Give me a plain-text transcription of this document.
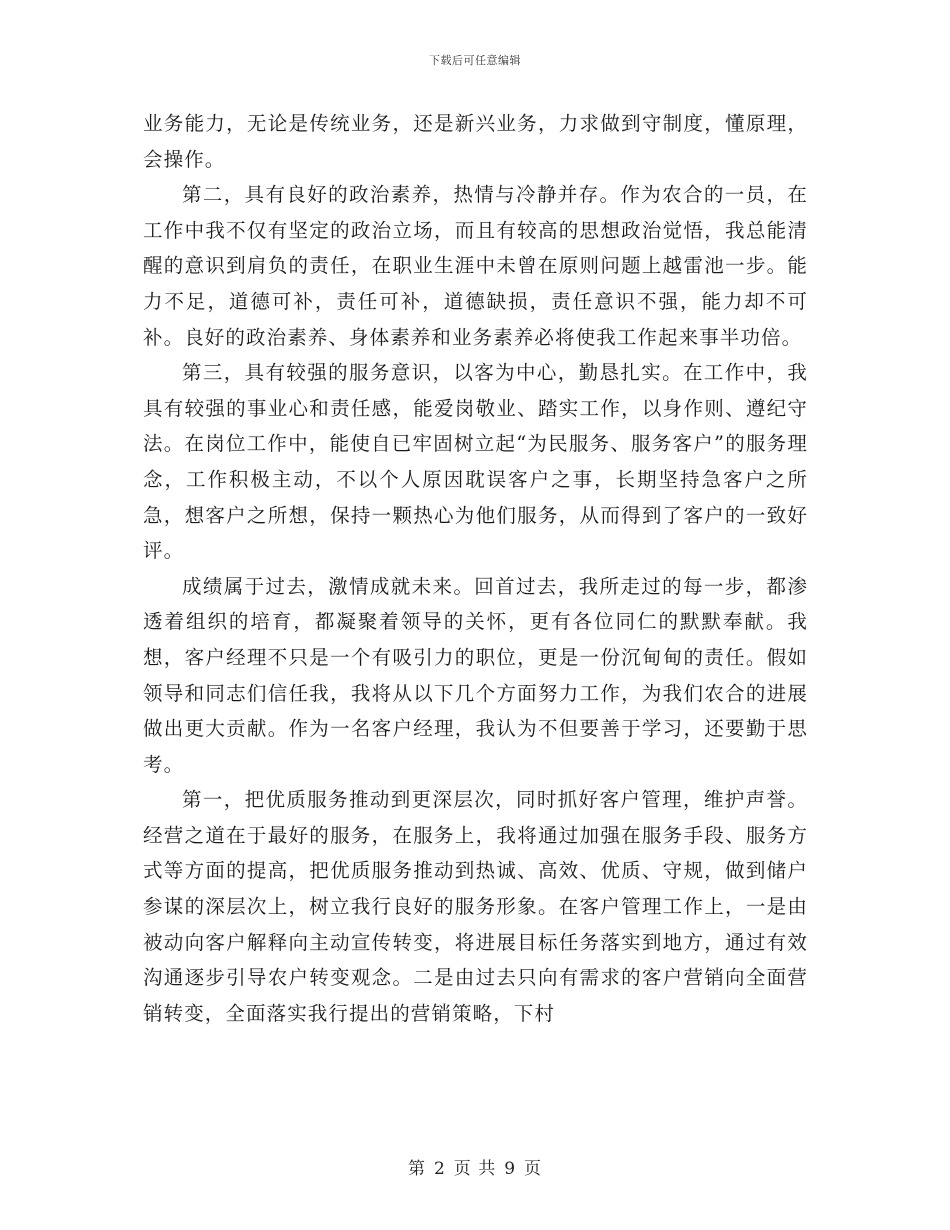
下载后可任意编辑

业务能力，无论是传统业务，还是新兴业务，力求做到守制度，懂原理，会操作。

第二，具有良好的政治素养，热情与冷静并存。作为农合的一员，在工作中我不仅有坚定的政治立场，而且有较高的思想政治觉悟，我总能清醒的意识到肩负的责任，在职业生涯中未曾在原则问题上越雷池一步。能力不足，道德可补，责任可补，道德缺损，责任意识不强，能力却不可补。良好的政治素养、身体素养和业务素养必将使我工作起来事半功倍。

第三，具有较强的服务意识，以客为中心，勤恳扎实。在工作中，我具有较强的事业心和责任感，能爱岗敬业、踏实工作，以身作则、遵纪守法。在岗位工作中，能使自已牢固树立起“为民服务、服务客户”的服务理念，工作积极主动，不以个人原因耽误客户之事，长期坚持急客户之所急，想客户之所想，保持一颗热心为他们服务，从而得到了客户的一致好评。

成绩属于过去，激情成就未来。回首过去，我所走过的每一步，都渗透着组织的培育，都凝聚着领导的关怀，更有各位同仁的默默奉献。我想，客户经理不只是一个有吸引力的职位，更是一份沉甸甸的责任。假如领导和同志们信任我，我将从以下几个方面努力工作，为我们农合的进展做出更大贡献。作为一名客户经理，我认为不但要善于学习，还要勤于思考。

第一，把优质服务推动到更深层次，同时抓好客户管理，维护声誉。经营之道在于最好的服务，在服务上，我将通过加强在服务手段、服务方式等方面的提高，把优质服务推动到热诚、高效、优质、守规，做到储户参谋的深层次上，树立我行良好的服务形象。在客户管理工作上，一是由被动向客户解释向主动宣传转变，将进展目标任务落实到地方，通过有效沟通逐步引导农户转变观念。二是由过去只向有需求的客户营销向全面营销转变，全面落实我行提出的营销策略，下村

第 2 页 共 9 页
